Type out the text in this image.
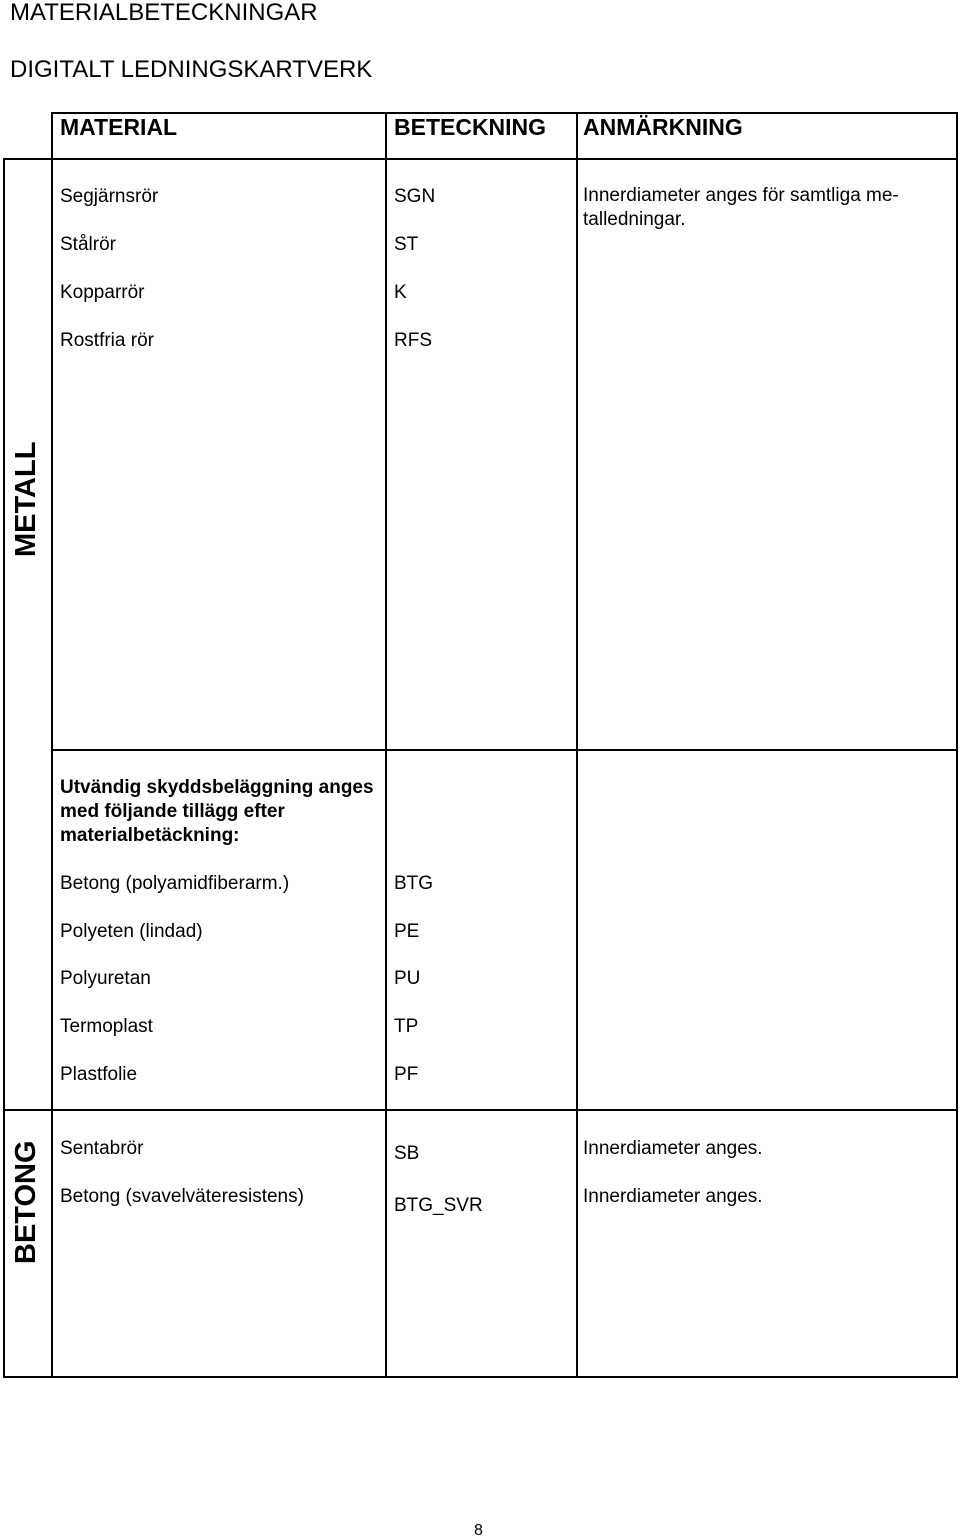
MATERIALBETECKNINGAR
DIGITALT LEDNINGSKARTVERK
MATERIAL	BETECKNING ANMÄRKNING
METALL
Segjärnsrör
Stålrör
Kopparrör
Rostfria rör
SGN
ST
K
RFS
Innerdiameter anges för samtliga me-talledningar.
Utvändig skyddsbeläggning anges med följande tillägg efter materialbetäckning:
Betong (polyamidfiberarm.)
Polyeten (lindad)
Polyuretan
Termoplast
Plastfolie
BTG
PE
PU
TP
PF
BETONG Sentabrör
Betong (svavelväteresistens)
SB
BTG_SVR
Innerdiameter anges.
Innerdiameter anges.
8
